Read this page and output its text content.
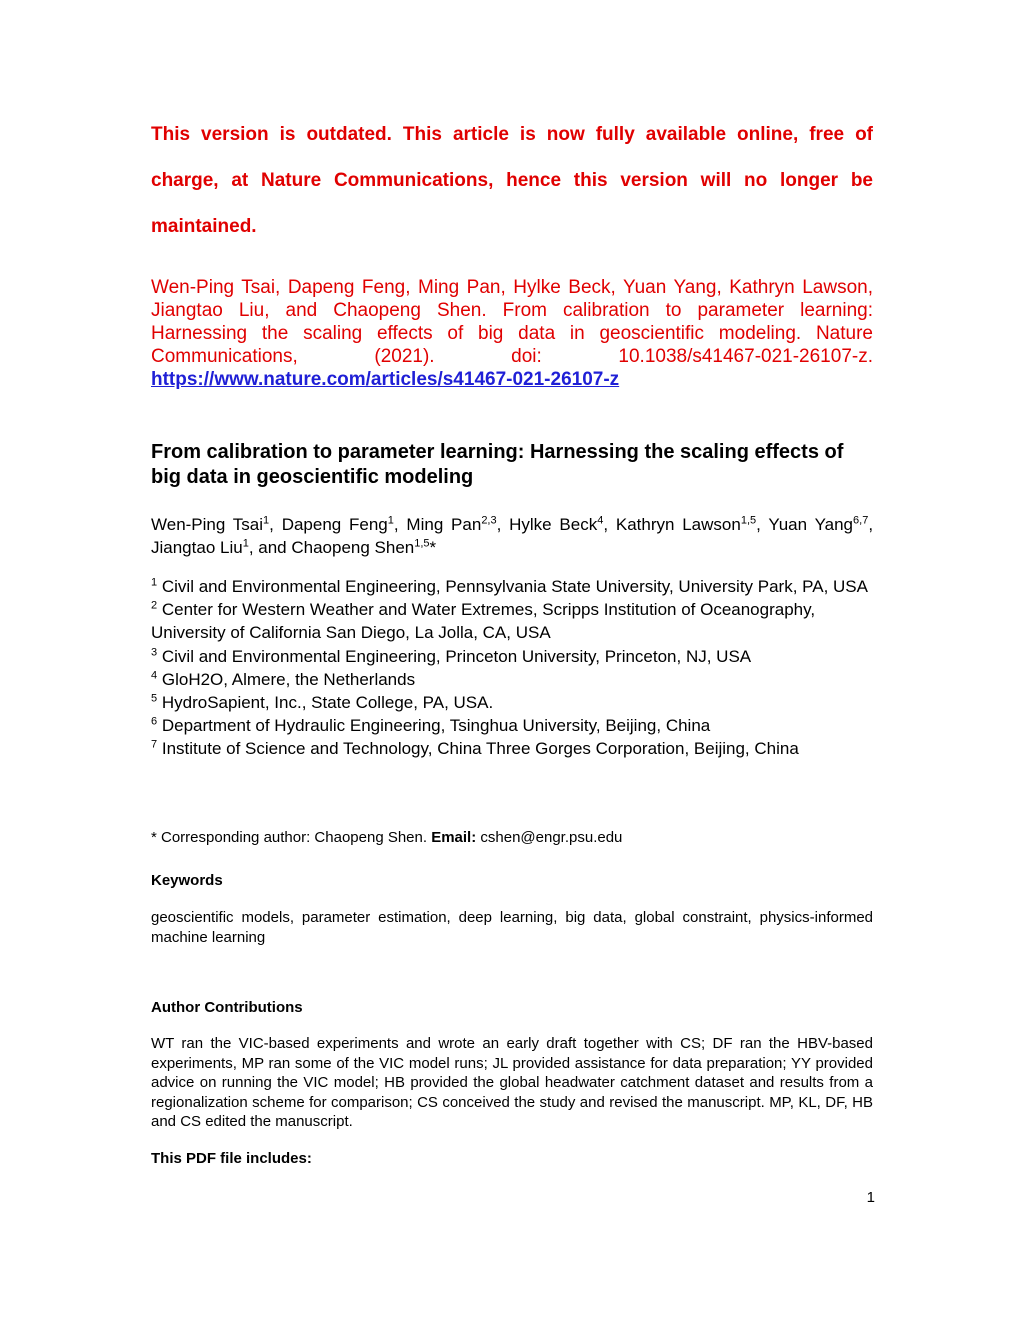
This version is outdated. This article is now fully available online, free of charge, at Nature Communications, hence this version will no longer be maintained.
Wen-Ping Tsai, Dapeng Feng, Ming Pan, Hylke Beck, Yuan Yang, Kathryn Lawson, Jiangtao Liu, and Chaopeng Shen. From calibration to parameter learning: Harnessing the scaling effects of big data in geoscientific modeling. Nature Communications, (2021). doi: 10.1038/s41467-021-26107-z. https://www.nature.com/articles/s41467-021-26107-z
From calibration to parameter learning: Harnessing the scaling effects of big data in geoscientific modeling
Wen-Ping Tsai$^1$, Dapeng Feng$^1$, Ming Pan$^{2,3}$, Hylke Beck$^4$, Kathryn Lawson$^{1,5}$, Yuan Yang$^{6,7}$, Jiangtao Liu$^1$, and Chaopeng Shen$^{1,5}$*
$^1$ Civil and Environmental Engineering, Pennsylvania State University, University Park, PA, USA
$^2$ Center for Western Weather and Water Extremes, Scripps Institution of Oceanography, University of California San Diego, La Jolla, CA, USA
$^3$ Civil and Environmental Engineering, Princeton University, Princeton, NJ, USA
$^4$ GloH2O, Almere, the Netherlands
$^5$ HydroSapient, Inc., State College, PA, USA.
$^6$ Department of Hydraulic Engineering, Tsinghua University, Beijing, China
$^7$ Institute of Science and Technology, China Three Gorges Corporation, Beijing, China
* Corresponding author: Chaopeng Shen. Email: cshen@engr.psu.edu
Keywords
geoscientific models, parameter estimation, deep learning, big data, global constraint, physics-informed machine learning
Author Contributions
WT ran the VIC-based experiments and wrote an early draft together with CS; DF ran the HBV-based experiments, MP ran some of the VIC model runs; JL provided assistance for data preparation; YY provided advice on running the VIC model; HB provided the global headwater catchment dataset and results from a regionalization scheme for comparison; CS conceived the study and revised the manuscript. MP, KL, DF, HB and CS edited the manuscript.
This PDF file includes:
1
